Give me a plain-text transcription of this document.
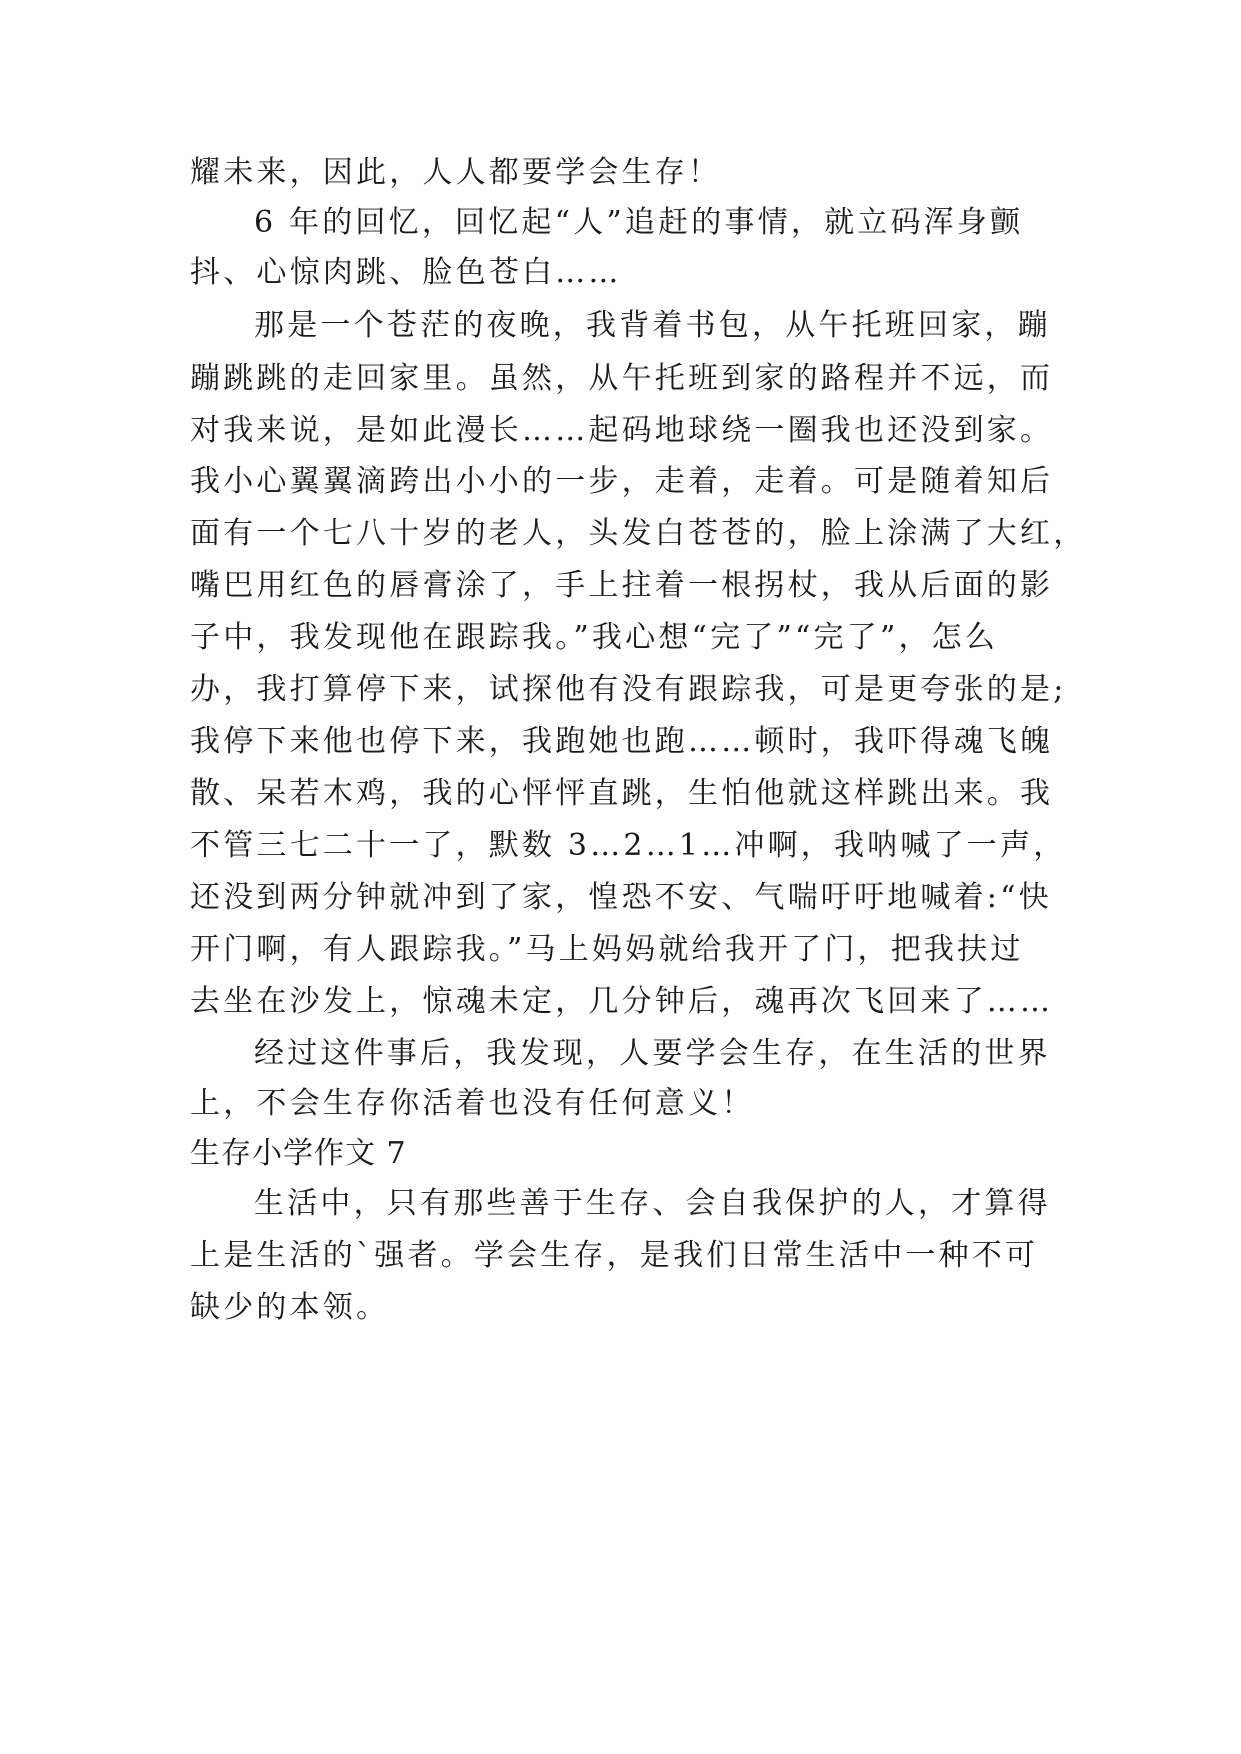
耀未来，因此，人人都要学会生存！

6 年的回忆，回忆起“人”追赶的事情，就立码浑身颤

抖、心惊肉跳、脸色苍白……

那是一个苍茫的夜晚，我背着书包，从午托班回家，蹦

蹦跳跳的走回家里。虽然，从午托班到家的路程并不远，而

对我来说，是如此漫长……起码地球绕一圈我也还没到家。

我小心翼翼滴跨出小小的一步，走着，走着。可是随着知后

面有一个七八十岁的老人，头发白苍苍的，脸上涂满了大红，

嘴巴用红色的唇膏涂了，手上拄着一根拐杖，我从后面的影

子中，我发现他在跟踪我。”我心想“完了”“完了”，怎么

办，我打算停下来，试探他有没有跟踪我，可是更夸张的是;

我停下来他也停下来，我跑她也跑……顿时，我吓得魂飞魄

散、呆若木鸡，我的心怦怦直跳，生怕他就这样跳出来。我

不管三七二十一了，默数 3…2…1…冲啊，我呐喊了一声，

还没到两分钟就冲到了家，惶恐不安、气喘吁吁地喊着:“快

开门啊，有人跟踪我。”马上妈妈就给我开了门，把我扶过

去坐在沙发上，惊魂未定，几分钟后，魂再次飞回来了……

经过这件事后，我发现，人要学会生存，在生活的世界

上，不会生存你活着也没有任何意义！

生存小学作文 7

生活中，只有那些善于生存、会自我保护的人，才算得

上是生活的`强者。学会生存，是我们日常生活中一种不可

缺少的本领。
